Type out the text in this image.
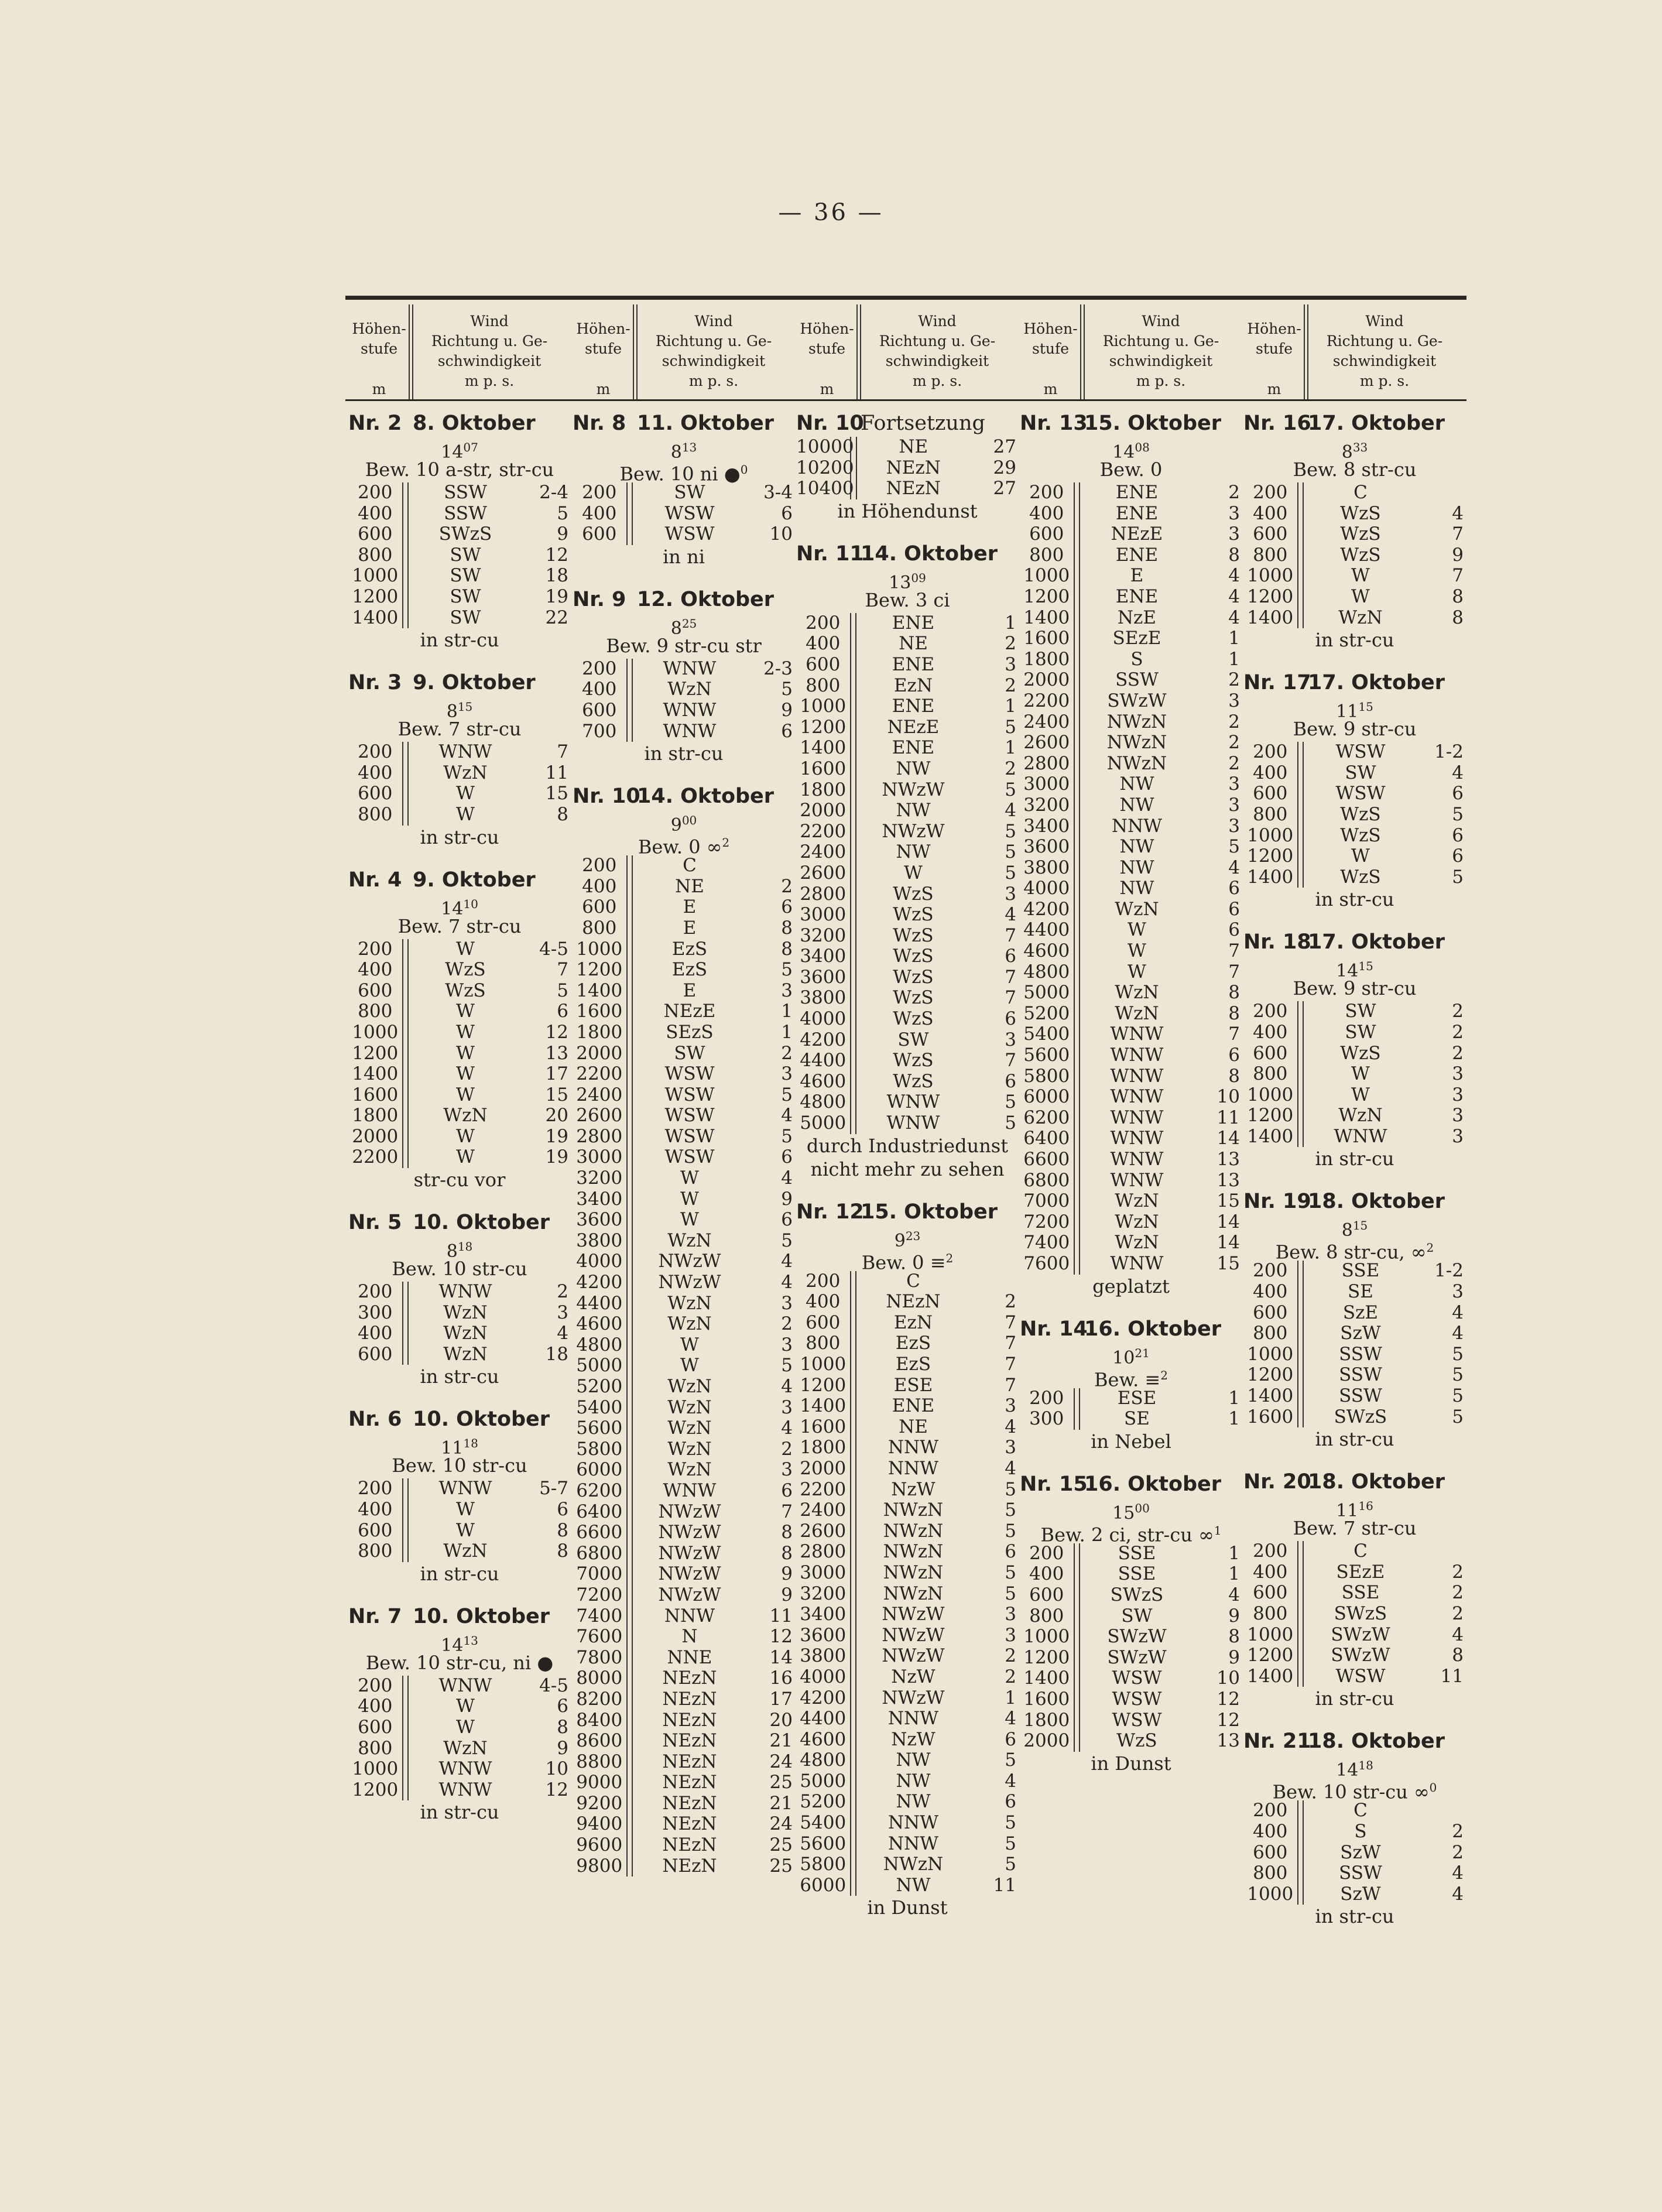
— 36 —
Höhen-
stufe
m
Wind
Richtung u. Ge-
schwindigkeit
m p. s.
Höhen-
stufe
m
Wind
Richtung u. Ge-
schwindigkeit
m p. s.
Höhen-
stufe
m
Wind
Richtung u. Ge-
schwindigkeit
m p. s.
Höhen-
stufe
m
Wind
Richtung u. Ge-
schwindigkeit
m p. s.
Höhen-
stufe
m
Wind
Richtung u. Ge-
schwindigkeit
m p. s.
Nr. 2 8. Oktober
$14^{07}$
Bew. 10 a-str, str-cu
200	SSW	2-4
400	SSW	5
600	SWzS	9
800	SW	12
1000	SW	18
1200	SW	19
1400	SW	22
in str-cu
Nr. 3 9. Oktober
$8^{15}$
Bew. 7 str-cu
200	WNW	7
400	WzN	11
600	W	15
800	W	8
in str-cu
Nr. 4 9. Oktober
$14^{10}$
Bew. 7 str-cu
200	W	4-5
400	WzS	7
600	WzS	5
800	W	6
1000	W	12
1200	W	13
1400	W	17
1600	W	15
1800	WzN	20
2000	W	19
2200	W	19
str-cu vor
Nr. 5 10. Oktober
$8^{18}$
Bew. 10 str-cu
200	WNW	2
300	WzN	3
400	WzN	4
600	WzN	18
in str-cu
Nr. 6 10. Oktober
$11^{18}$
Bew. 10 str-cu
200	WNW	5-7
400	W	6
600	W	8
800	WzN	8
in str-cu
Nr. 7 10. Oktober
$14^{13}$
Bew. 10 str-cu, ni ●
200	WNW	4-5
400	W	6
600	W	8
800	WzN	9
1000	WNW	10
1200	WNW	12
in str-cu
Nr. 8 11. Oktober
$8^{13}$
Bew. 10 ni ●$^0$
200	SW	3-4
400	WSW	6
600	WSW	10
in ni
Nr. 9 12. Oktober
$8^{25}$
Bew. 9 str-cu str
200	WNW	2-3
400	WzN	5
600	WNW	9
700	WNW	6
in str-cu
Nr. 1014. Oktober
$9^{00}$
Bew. 0 ∞$^2$
200	C
400	NE	2
600	E	6
800	E	8
1000	EzS	8
1200	EzS	5
1400	E	3
1600	NEzE	1
1800	SEzS	1
2000	SW	2
2200	WSW	3
2400	WSW	5
2600	WSW	4
2800	WSW	5
3000	WSW	6
3200	W	4
3400	W	9
3600	W	6
3800	WzN	5
4000	NWzW	4
4200	NWzW	4
4400	WzN	3
4600	WzN	2
4800	W	3
5000	W	5
5200	WzN	4
5400	WzN	3
5600	WzN	4
5800	WzN	2
6000	WzN	3
6200	WNW	6
6400	NWzW	7
6600	NWzW	8
6800	NWzW	8
7000	NWzW	9
7200	NWzW	9
7400	NNW	11
7600	N	12
7800	NNE	14
8000	NEzN	16
8200	NEzN	17
8400	NEzN	20
8600	NEzN	21
8800	NEzN	24
9000	NEzN	25
9200	NEzN	21
9400	NEzN	24
9600	NEzN	25
9800	NEzN	25
Nr. 10Fortsetzung
10000	NE	27
10200	NEzN	29
10400	NEzN	27
in Höhendunst
Nr. 1114. Oktober
$13^{09}$
Bew. 3 ci
200	ENE	1
400	NE	2
600	ENE	3
800	EzN	2
1000	ENE	1
1200	NEzE	5
1400	ENE	1
1600	NW	2
1800	NWzW	5
2000	NW	4
2200	NWzW	5
2400	NW	5
2600	W	5
2800	WzS	3
3000	WzS	4
3200	WzS	7
3400	WzS	6
3600	WzS	7
3800	WzS	7
4000	WzS	6
4200	SW	3
4400	WzS	7
4600	WzS	6
4800	WNW	5
5000	WNW	5
durch Industriedunst
nicht mehr zu sehen
Nr. 1215. Oktober
$9^{23}$
Bew. 0 ≡$^2$
200	C
400	NEzN	2
600	EzN	7
800	EzS	7
1000	EzS	7
1200	ESE	7
1400	ENE	3
1600	NE	4
1800	NNW	3
2000	NNW	4
2200	NzW	5
2400	NWzN	5
2600	NWzN	5
2800	NWzN	6
3000	NWzN	5
3200	NWzN	5
3400	NWzW	3
3600	NWzW	3
3800	NWzW	2
4000	NzW	2
4200	NWzW	1
4400	NNW	4
4600	NzW	6
4800	NW	5
5000	NW	4
5200	NW	6
5400	NNW	5
5600	NNW	5
5800	NWzN	5
6000	NW	11
in Dunst
Nr. 1315. Oktober
$14^{08}$
Bew. 0
200	ENE	2
400	ENE	3
600	NEzE	3
800	ENE	8
1000	E	4
1200	ENE	4
1400	NzE	4
1600	SEzE	1
1800	S	1
2000	SSW	2
2200	SWzW	3
2400	NWzN	2
2600	NWzN	2
2800	NWzN	2
3000	NW	3
3200	NW	3
3400	NNW	3
3600	NW	5
3800	NW	4
4000	NW	6
4200	WzN	6
4400	W	6
4600	W	7
4800	W	7
5000	WzN	8
5200	WzN	8
5400	WNW	7
5600	WNW	6
5800	WNW	8
6000	WNW	10
6200	WNW	11
6400	WNW	14
6600	WNW	13
6800	WNW	13
7000	WzN	15
7200	WzN	14
7400	WzN	14
7600	WNW	15
geplatzt
Nr. 1416. Oktober
$10^{21}$
Bew. ≡$^2$
200	ESE	1
300	SE	1
in Nebel
Nr. 1516. Oktober
$15^{00}$
Bew. 2 ci, str-cu ∞$^1$
200	SSE	1
400	SSE	1
600	SWzS	4
800	SW	9
1000	SWzW	8
1200	SWzW	9
1400	WSW	10
1600	WSW	12
1800	WSW	12
2000	WzS	13
in Dunst
Nr. 1617. Oktober
$8^{33}$
Bew. 8 str-cu
200	C
400	WzS	4
600	WzS	7
800	WzS	9
1000	W	7
1200	W	8
1400	WzN	8
in str-cu
Nr. 1717. Oktober
$11^{15}$
Bew. 9 str-cu
200	WSW	1-2
400	SW	4
600	WSW	6
800	WzS	5
1000	WzS	6
1200	W	6
1400	WzS	5
in str-cu
Nr. 1817. Oktober
$14^{15}$
Bew. 9 str-cu
200	SW	2
400	SW	2
600	WzS	2
800	W	3
1000	W	3
1200	WzN	3
1400	WNW	3
in str-cu
Nr. 1918. Oktober
$8^{15}$
Bew. 8 str-cu, ∞$^2$
200	SSE	1-2
400	SE	3
600	SzE	4
800	SzW	4
1000	SSW	5
1200	SSW	5
1400	SSW	5
1600	SWzS	5
in str-cu
Nr. 2018. Oktober
$11^{16}$
Bew. 7 str-cu
200	C
400	SEzE	2
600	SSE	2
800	SWzS	2
1000	SWzW	4
1200	SWzW	8
1400	WSW	11
in str-cu
Nr. 2118. Oktober
$14^{18}$
Bew. 10 str-cu ∞$^0$
200	C
400	S	2
600	SzW	2
800	SSW	4
1000	SzW	4
in str-cu
